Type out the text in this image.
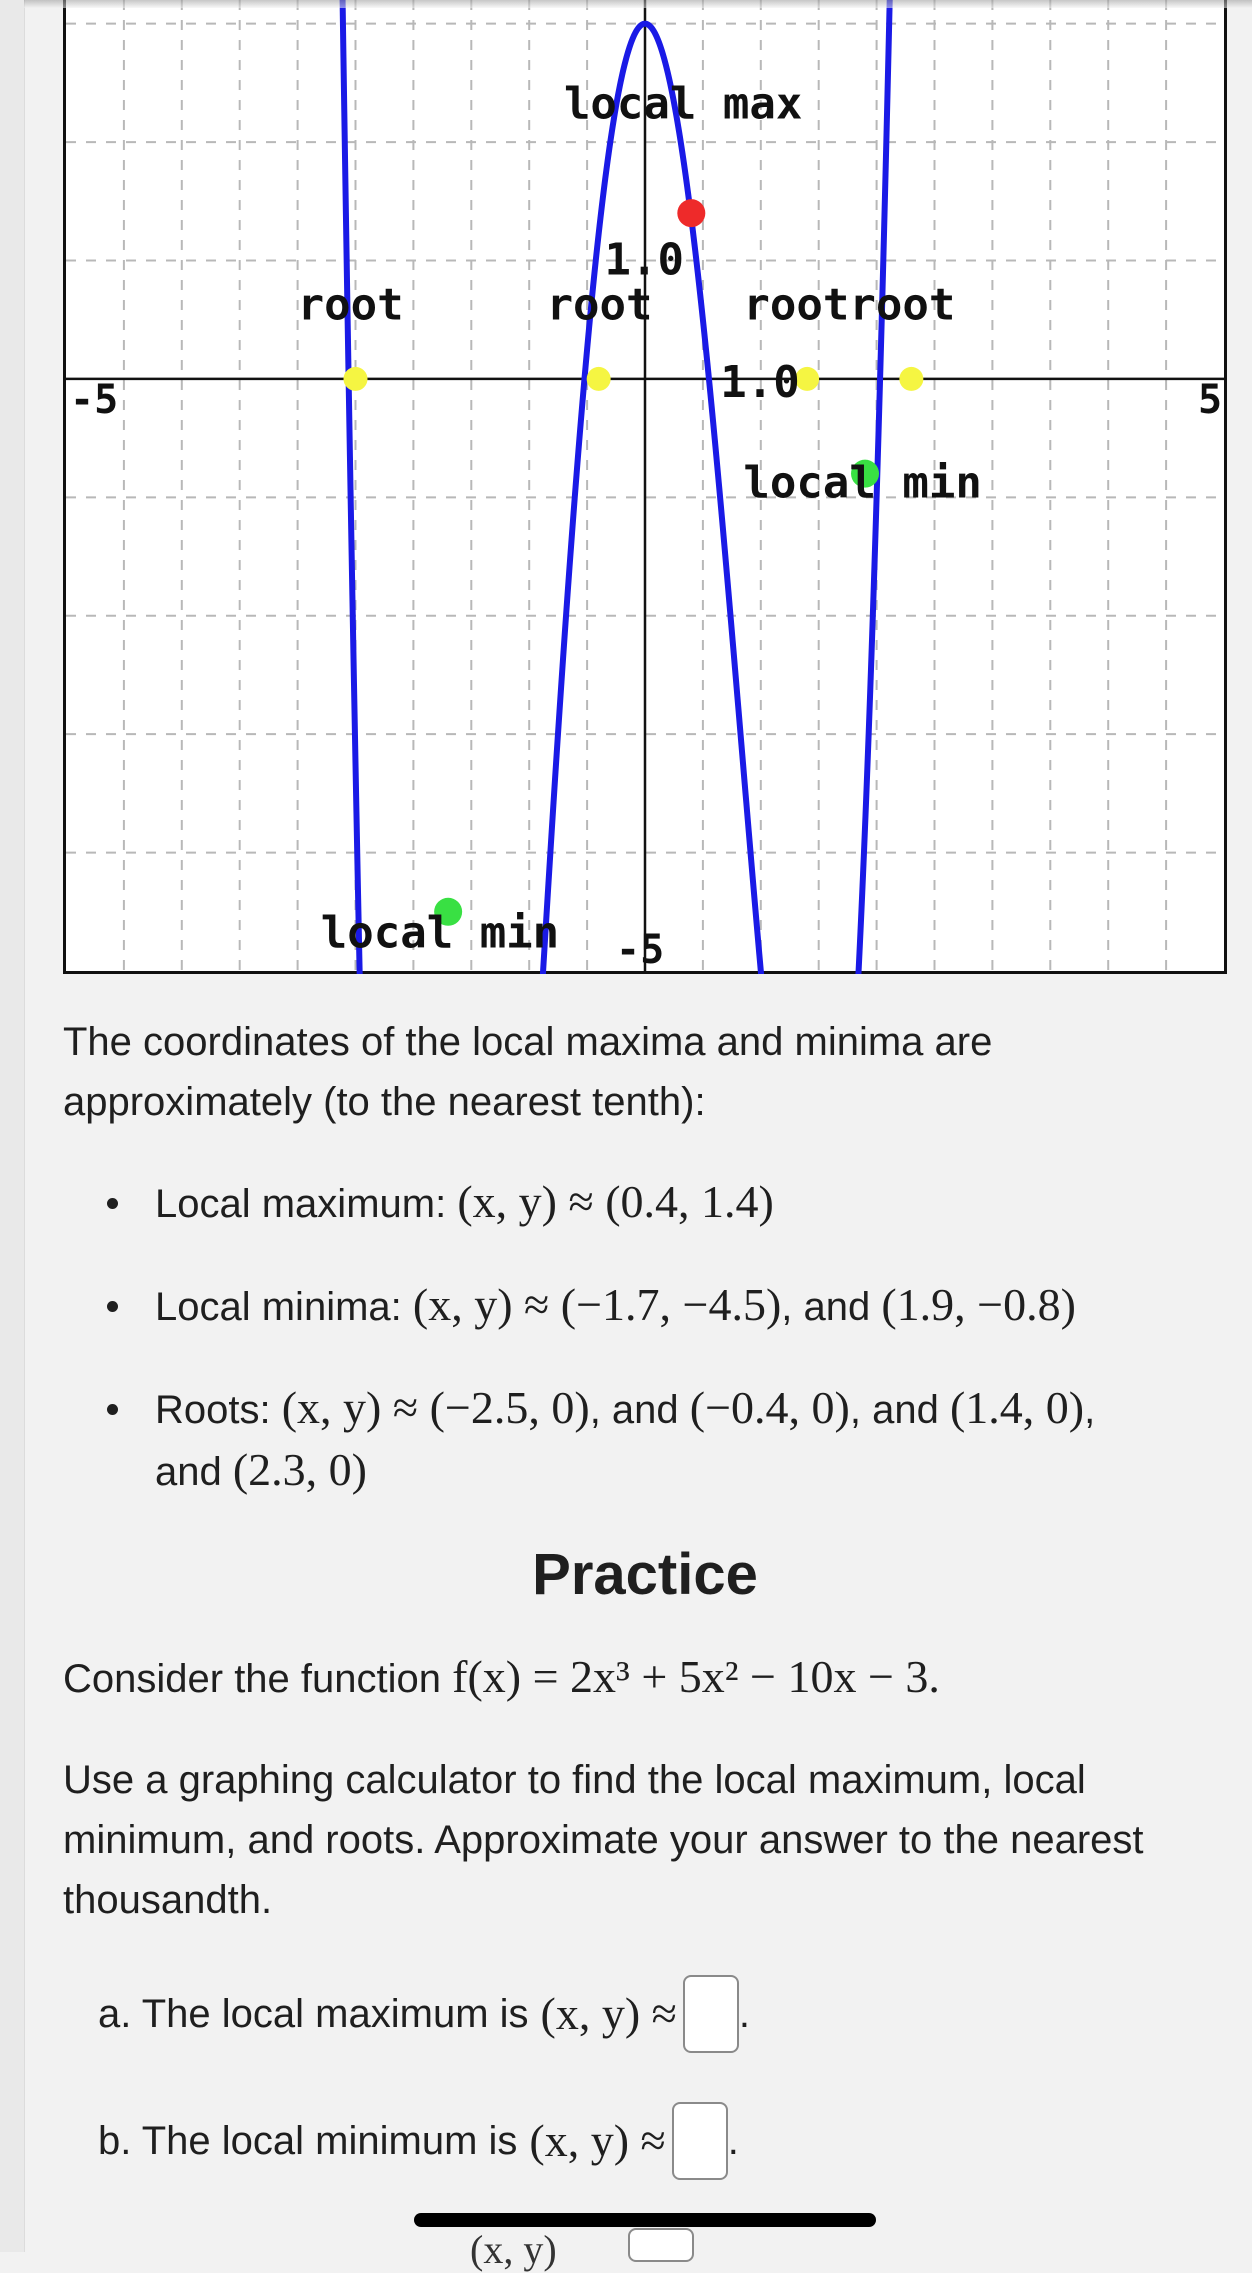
local max
1.0
root	root rootroot
1.0
-5	5
local min
local min -5

The coordinates of the local maxima and minima are approximately (to the nearest tenth):

Local maximum: (x, y) ≈ (0.4, 1.4)
Local minima: (x, y) ≈ (−1.7, −4.5), and (1.9, −0.8)
Roots: (x, y) ≈ (−2.5, 0), and (−0.4, 0), and (1.4, 0),
and (2.3, 0)
Practice

Consider the function f(x) = 2x³ + 5x² − 10x − 3.

Use a graphing calculator to find the local maximum, local minimum, and roots. Approximate your answer to the nearest thousandth.

a. The local maximum is (x, y) ≈ .
b. The local minimum is (x, y) ≈ .
(x, y)
